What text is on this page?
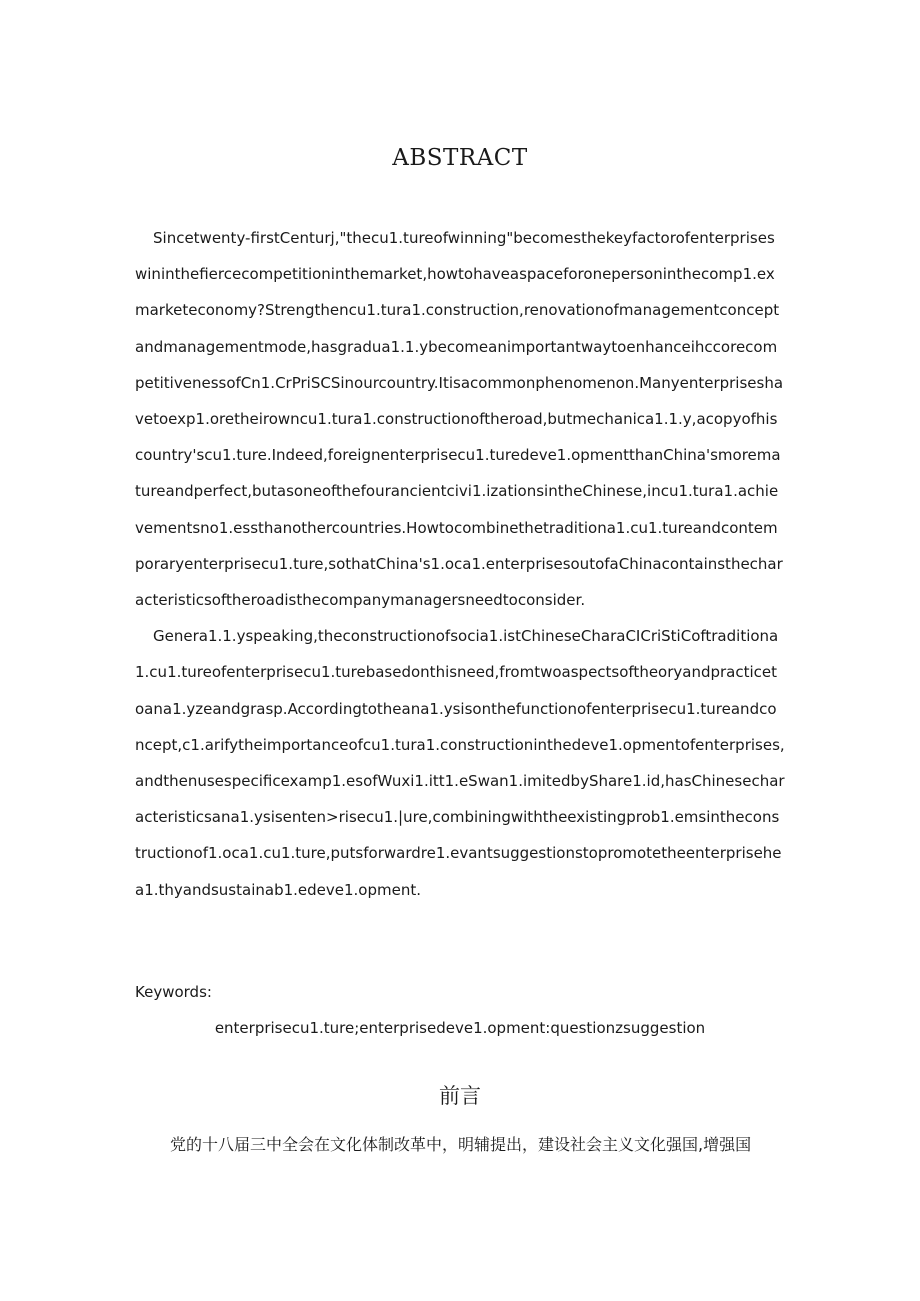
ABSTRACT

Sincetwenty-firstCenturj,"thecu1.tureofwinning"becomesthekeyfactorofenterpriseswininthefiercecompetitioninthemarket,howtohaveaspaceforonepersoninthecomp1.exmarketeconomy?Strengthencu1.tura1.construction,renovationofmanagementconceptandmanagementmode,hasgradua1.1.ybecomeanimportantwaytoenhanceihccorecompetitivenessofCn1.CrPriSCSinourcountry.Itisacommonphenomenon.Manyenterpriseshavetoexp1.oretheirowncu1.tura1.constructionoftheroad,butmechanica1.1.y,acopyofhiscountry'scu1.ture.Indeed,foreignenterprisecu1.turedeve1.opmentthanChina'smorematureandperfect,butasoneofthefourancientcivi1.izationsintheChinese,incu1.tura1.achievementsno1.essthanothercountries.Howtocombinethetraditiona1.cu1.tureandcontemporaryenterprisecu1.ture,sothatChina's1.oca1.enterprisesoutofaChinacontainsthecharacteristicsoftheroadisthecompanymanagersneedtoconsider.

Genera1.1.yspeaking,theconstructionofsocia1.istChineseCharaCICriStiCoftraditiona1.cu1.tureofenterprisecu1.turebasedonthisneed,fromtwoaspectsoftheoryandpracticetoana1.yzeandgrasp.Accordingtotheana1.ysisonthefunctionofenterprisecu1.tureandconcept,c1.arifytheimportanceofcu1.tura1.constructioninthedeve1.opmentofenterprises,andthenusespecificexamp1.esofWuxi1.itt1.eSwan1.imitedbyShare1.id,hasChinesecharacteristicsana1.ysisenten>risecu1.|ure,combiningwiththeexistingprob1.emsintheconstructionof1.oca1.cu1.ture,putsforwardre1.evantsuggestionstopromotetheenterprisehea1.thyandsustainab1.edeve1.opment.

Keywords:
enterprisecu1.ture;enterprisedeve1.opment:questionzsuggestion
前言
党的十八届三中全会在文化体制改革中，明辅提出，建设社会主义文化强国,增强国
